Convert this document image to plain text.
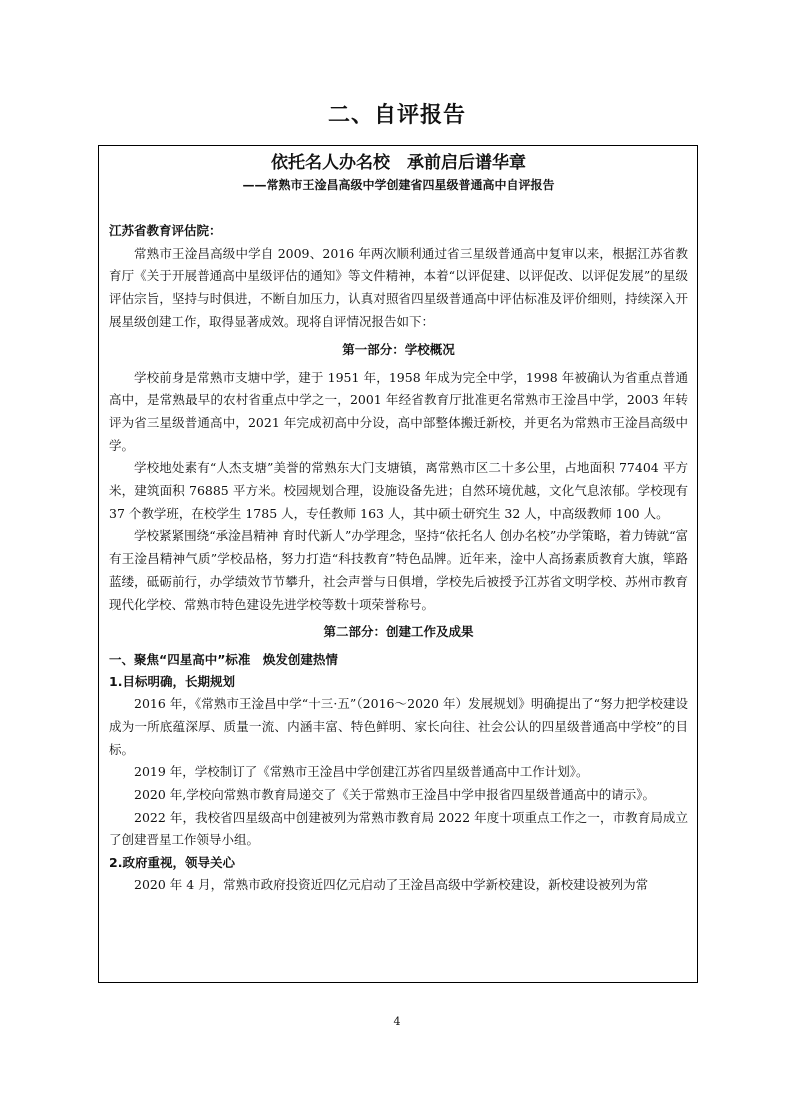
二、自评报告
依托名人办名校　承前启后谱华章
——常熟市王淦昌高级中学创建省四星级普通高中自评报告
江苏省教育评估院：

常熟市王淦昌高级中学自 2009、2016 年两次顺利通过省三星级普通高中复审以来，根据江苏省教育厅《关于开展普通高中星级评估的通知》等文件精神，本着“以评促建、以评促改、以评促发展”的星级评估宗旨，坚持与时俱进，不断自加压力，认真对照省四星级普通高中评估标准及评价细则，持续深入开展星级创建工作，取得显著成效。现将自评情况报告如下：

第一部分：学校概况

学校前身是常熟市支塘中学，建于 1951 年，1958 年成为完全中学，1998 年被确认为省重点普通高中，是常熟最早的农村省重点中学之一，2001 年经省教育厅批准更名常熟市王淦昌中学，2003 年转评为省三星级普通高中，2021 年完成初高中分设，高中部整体搬迁新校，并更名为常熟市王淦昌高级中学。

学校地处素有“人杰支塘”美誉的常熟东大门支塘镇，离常熟市区二十多公里，占地面积 77404 平方米，建筑面积 76885 平方米。校园规划合理，设施设备先进；自然环境优越，文化气息浓郁。学校现有 37 个教学班，在校学生 1785 人，专任教师 163 人，其中硕士研究生 32 人，中高级教师 100 人。

学校紧紧围绕“承淦昌精神 育时代新人”办学理念，坚持“依托名人 创办名校”办学策略，着力铸就“富有王淦昌精神气质”学校品格，努力打造“科技教育”特色品牌。近年来，淦中人高扬素质教育大旗，筚路蓝缕，砥砺前行，办学绩效节节攀升，社会声誉与日俱增，学校先后被授予江苏省文明学校、苏州市教育现代化学校、常熟市特色建设先进学校等数十项荣誉称号。

第二部分：创建工作及成果
一、聚焦“四星高中”标准　焕发创建热情
1.目标明确，长期规划

2016 年，《常熟市王淦昌中学“十三·五”（2016～2020 年）发展规划》明确提出了“努力把学校建设成为一所底蕴深厚、质量一流、内涵丰富、特色鲜明、家长向往、社会公认的四星级普通高中学校”的目标。

2019 年，学校制订了《常熟市王淦昌中学创建江苏省四星级普通高中工作计划》。

2020 年,学校向常熟市教育局递交了《关于常熟市王淦昌中学申报省四星级普通高中的请示》。

2022 年，我校省四星级高中创建被列为常熟市教育局 2022 年度十项重点工作之一，市教育局成立了创建晋星工作领导小组。

2.政府重视，领导关心

2020 年 4 月，常熟市政府投资近四亿元启动了王淦昌高级中学新校建设，新校建设被列为常

4
